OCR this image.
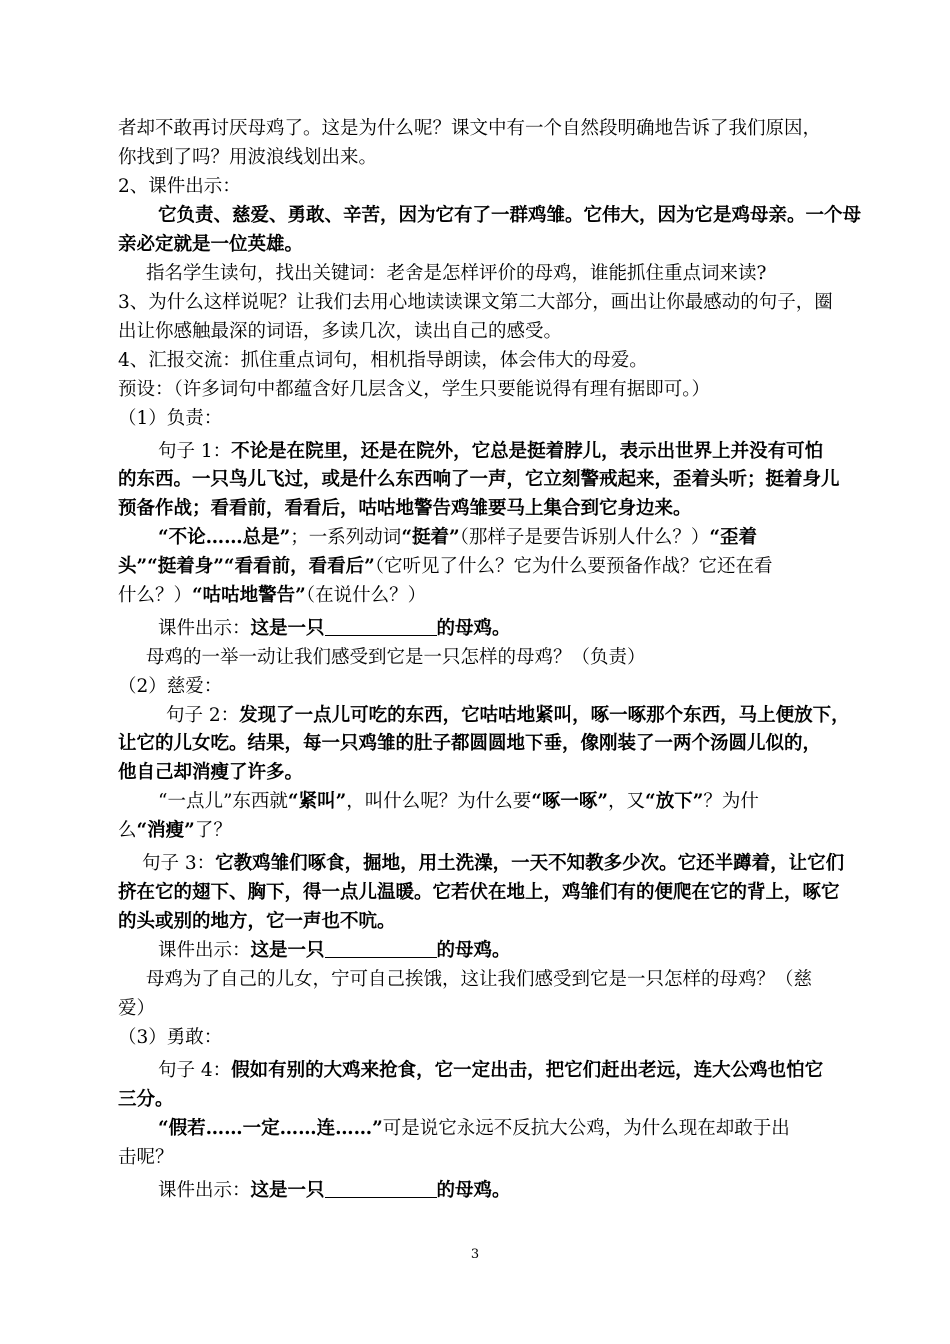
者却不敢再讨厌母鸡了。这是为什么呢？课文中有一个自然段明确地告诉了我们原因，
你找到了吗？用波浪线划出来。
2、课件出示：
它负责、慈爱、勇敢、辛苦，因为它有了一群鸡雏。它伟大，因为它是鸡母亲。一个母
亲必定就是一位英雄。
指名学生读句，找出关键词：老舍是怎样评价的母鸡，谁能抓住重点词来读?
3、为什么这样说呢？让我们去用心地读读课文第二大部分，画出让你最感动的句子，圈
出让你感触最深的词语，多读几次，读出自己的感受。
4、汇报交流：抓住重点词句，相机指导朗读，体会伟大的母爱。
预设：（许多词句中都蕴含好几层含义，学生只要能说得有理有据即可。）
（1）负责：
句子 1：不论是在院里，还是在院外，它总是挺着脖儿，表示出世界上并没有可怕
的东西。一只鸟儿飞过，或是什么东西响了一声，它立刻警戒起来，歪着头听；挺着身儿
预备作战；看看前，看看后，咕咕地警告鸡雏要马上集合到它身边来。
“不论……总是”；一系列动词“挺着”（那样子是要告诉别人什么？）“歪着
头”“挺着身”“看看前，看看后”（它听见了什么？它为什么要预备作战？它还在看
什么？）“咕咕地警告”（在说什么？）
课件出示：这是一只	的母鸡。
母鸡的一举一动让我们感受到它是一只怎样的母鸡？（负责）
（2）慈爱：
句子 2：发现了一点儿可吃的东西，它咕咕地紧叫，啄一啄那个东西，马上便放下，
让它的儿女吃。结果，每一只鸡雏的肚子都圆圆地下垂，像刚装了一两个汤圆儿似的，
他自己却消瘦了许多。
“一点儿”东西就“紧叫”，叫什么呢？为什么要“啄一啄”，又“放下”？为什
么“消瘦”了？
句子 3：它教鸡雏们啄食，掘地，用土洗澡，一天不知教多少次。它还半蹲着，让它们
挤在它的翅下、胸下，得一点儿温暖。它若伏在地上，鸡雏们有的便爬在它的背上，啄它
的头或别的地方，它一声也不吭。
课件出示：这是一只	的母鸡。
母鸡为了自己的儿女，宁可自己挨饿，这让我们感受到它是一只怎样的母鸡？（慈
爱）
（3）勇敢：
句子 4：假如有别的大鸡来抢食，它一定出击，把它们赶出老远，连大公鸡也怕它
三分。
“假若……一定……连……”可是说它永远不反抗大公鸡，为什么现在却敢于出
击呢？
课件出示：这是一只	的母鸡。
3
